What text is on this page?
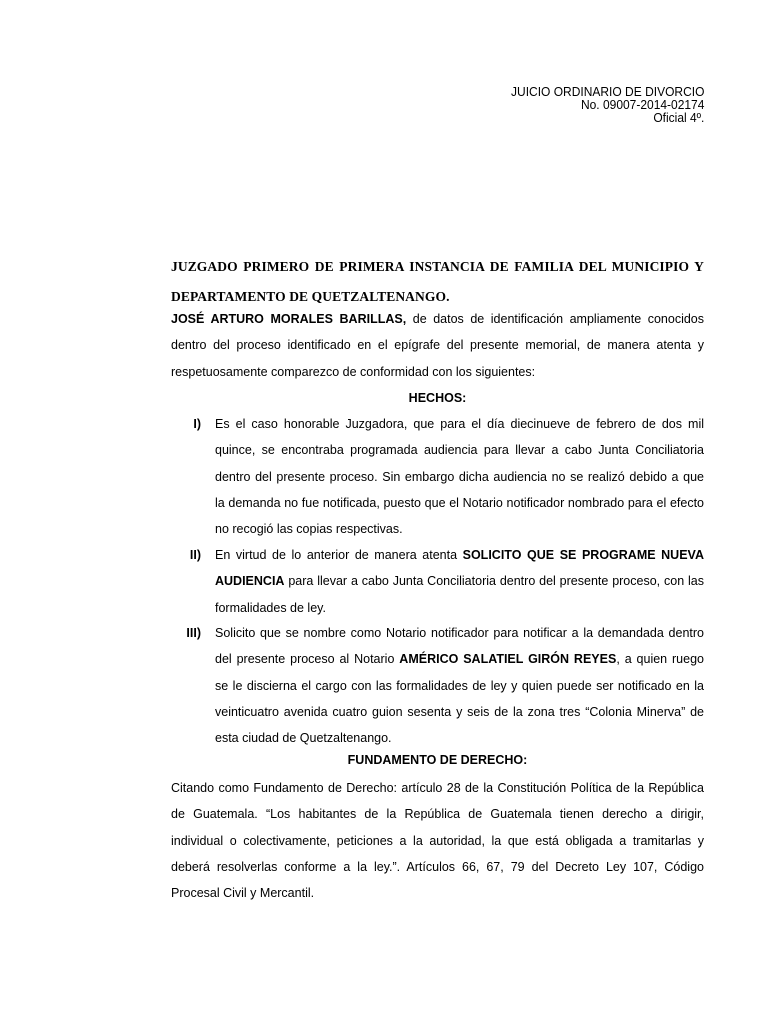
JUICIO ORDINARIO DE DIVORCIO
No. 09007-2014-02174
Oficial 4º.
JUZGADO PRIMERO DE PRIMERA INSTANCIA DE FAMILIA DEL MUNICIPIO Y
DEPARTAMENTO DE QUETZALTENANGO.
JOSÉ ARTURO MORALES BARILLAS, de datos de identificación ampliamente conocidos
dentro del proceso identificado en el epígrafe del presente memorial, de manera atenta y
respetuosamente comparezco de conformidad con los siguientes:
HECHOS:
I) Es el caso honorable Juzgadora, que para el día diecinueve de febrero de dos mil
quince, se encontraba programada audiencia para llevar a cabo Junta Conciliatoria
dentro del presente proceso. Sin embargo dicha audiencia no se realizó debido a que
la demanda no fue notificada, puesto que el Notario notificador nombrado para el efecto
no recogió las copias respectivas.
II) En virtud de lo anterior de manera atenta SOLICITO QUE SE PROGRAME NUEVA
AUDIENCIA para llevar a cabo Junta Conciliatoria dentro del presente proceso, con las
formalidades de ley.
III) Solicito que se nombre como Notario notificador para notificar a la demandada dentro
del presente proceso al Notario AMÉRICO SALATIEL GIRÓN REYES, a quien ruego
se le discierna el cargo con las formalidades de ley y quien puede ser notificado en la
veinticuatro avenida cuatro guion sesenta y seis de la zona tres “Colonia Minerva” de
esta ciudad de Quetzaltenango.
FUNDAMENTO DE DERECHO:
Citando como Fundamento de Derecho: artículo 28 de la Constitución Política de la República
de Guatemala. “Los habitantes de la República de Guatemala tienen derecho a dirigir,
individual o colectivamente, peticiones a la autoridad, la que está obligada a tramitarlas y
deberá resolverlas conforme a la ley.”. Artículos 66, 67, 79 del Decreto Ley 107, Código
Procesal Civil y Mercantil.
